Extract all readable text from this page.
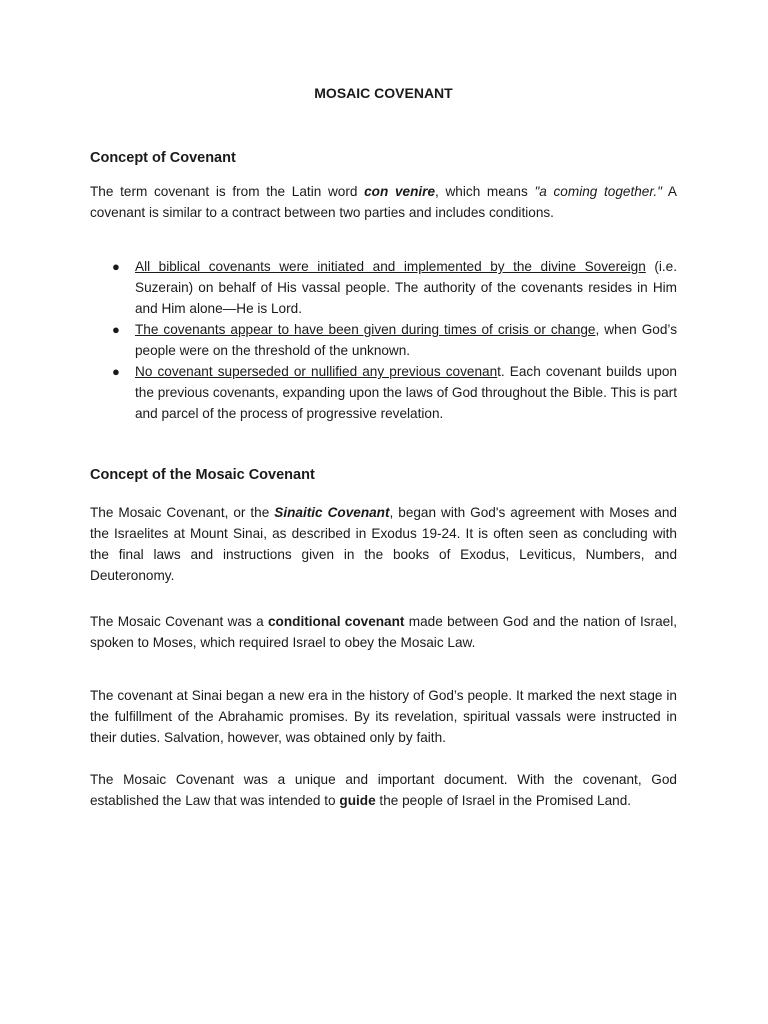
MOSAIC COVENANT
Concept of Covenant
The term covenant is from the Latin word con venire, which means "a coming together." A covenant is similar to a contract between two parties and includes conditions.
● All biblical covenants were initiated and implemented by the divine Sovereign (i.e. Suzerain) on behalf of His vassal people. The authority of the covenants resides in Him and Him alone—He is Lord.
● The covenants appear to have been given during times of crisis or change, when God’s people were on the threshold of the unknown.
● No covenant superseded or nullified any previous covenant. Each covenant builds upon the previous covenants, expanding upon the laws of God throughout the Bible. This is part and parcel of the process of progressive revelation.
Concept of the Mosaic Covenant
The Mosaic Covenant, or the Sinaitic Covenant, began with God's agreement with Moses and the Israelites at Mount Sinai, as described in Exodus 19-24. It is often seen as concluding with the final laws and instructions given in the books of Exodus, Leviticus, Numbers, and Deuteronomy.
The Mosaic Covenant was a conditional covenant made between God and the nation of Israel, spoken to Moses, which required Israel to obey the Mosaic Law.
The covenant at Sinai began a new era in the history of God’s people. It marked the next stage in the fulfillment of the Abrahamic promises. By its revelation, spiritual vassals were instructed in their duties. Salvation, however, was obtained only by faith.
The Mosaic Covenant was a unique and important document. With the covenant, God established the Law that was intended to guide the people of Israel in the Promised Land.
